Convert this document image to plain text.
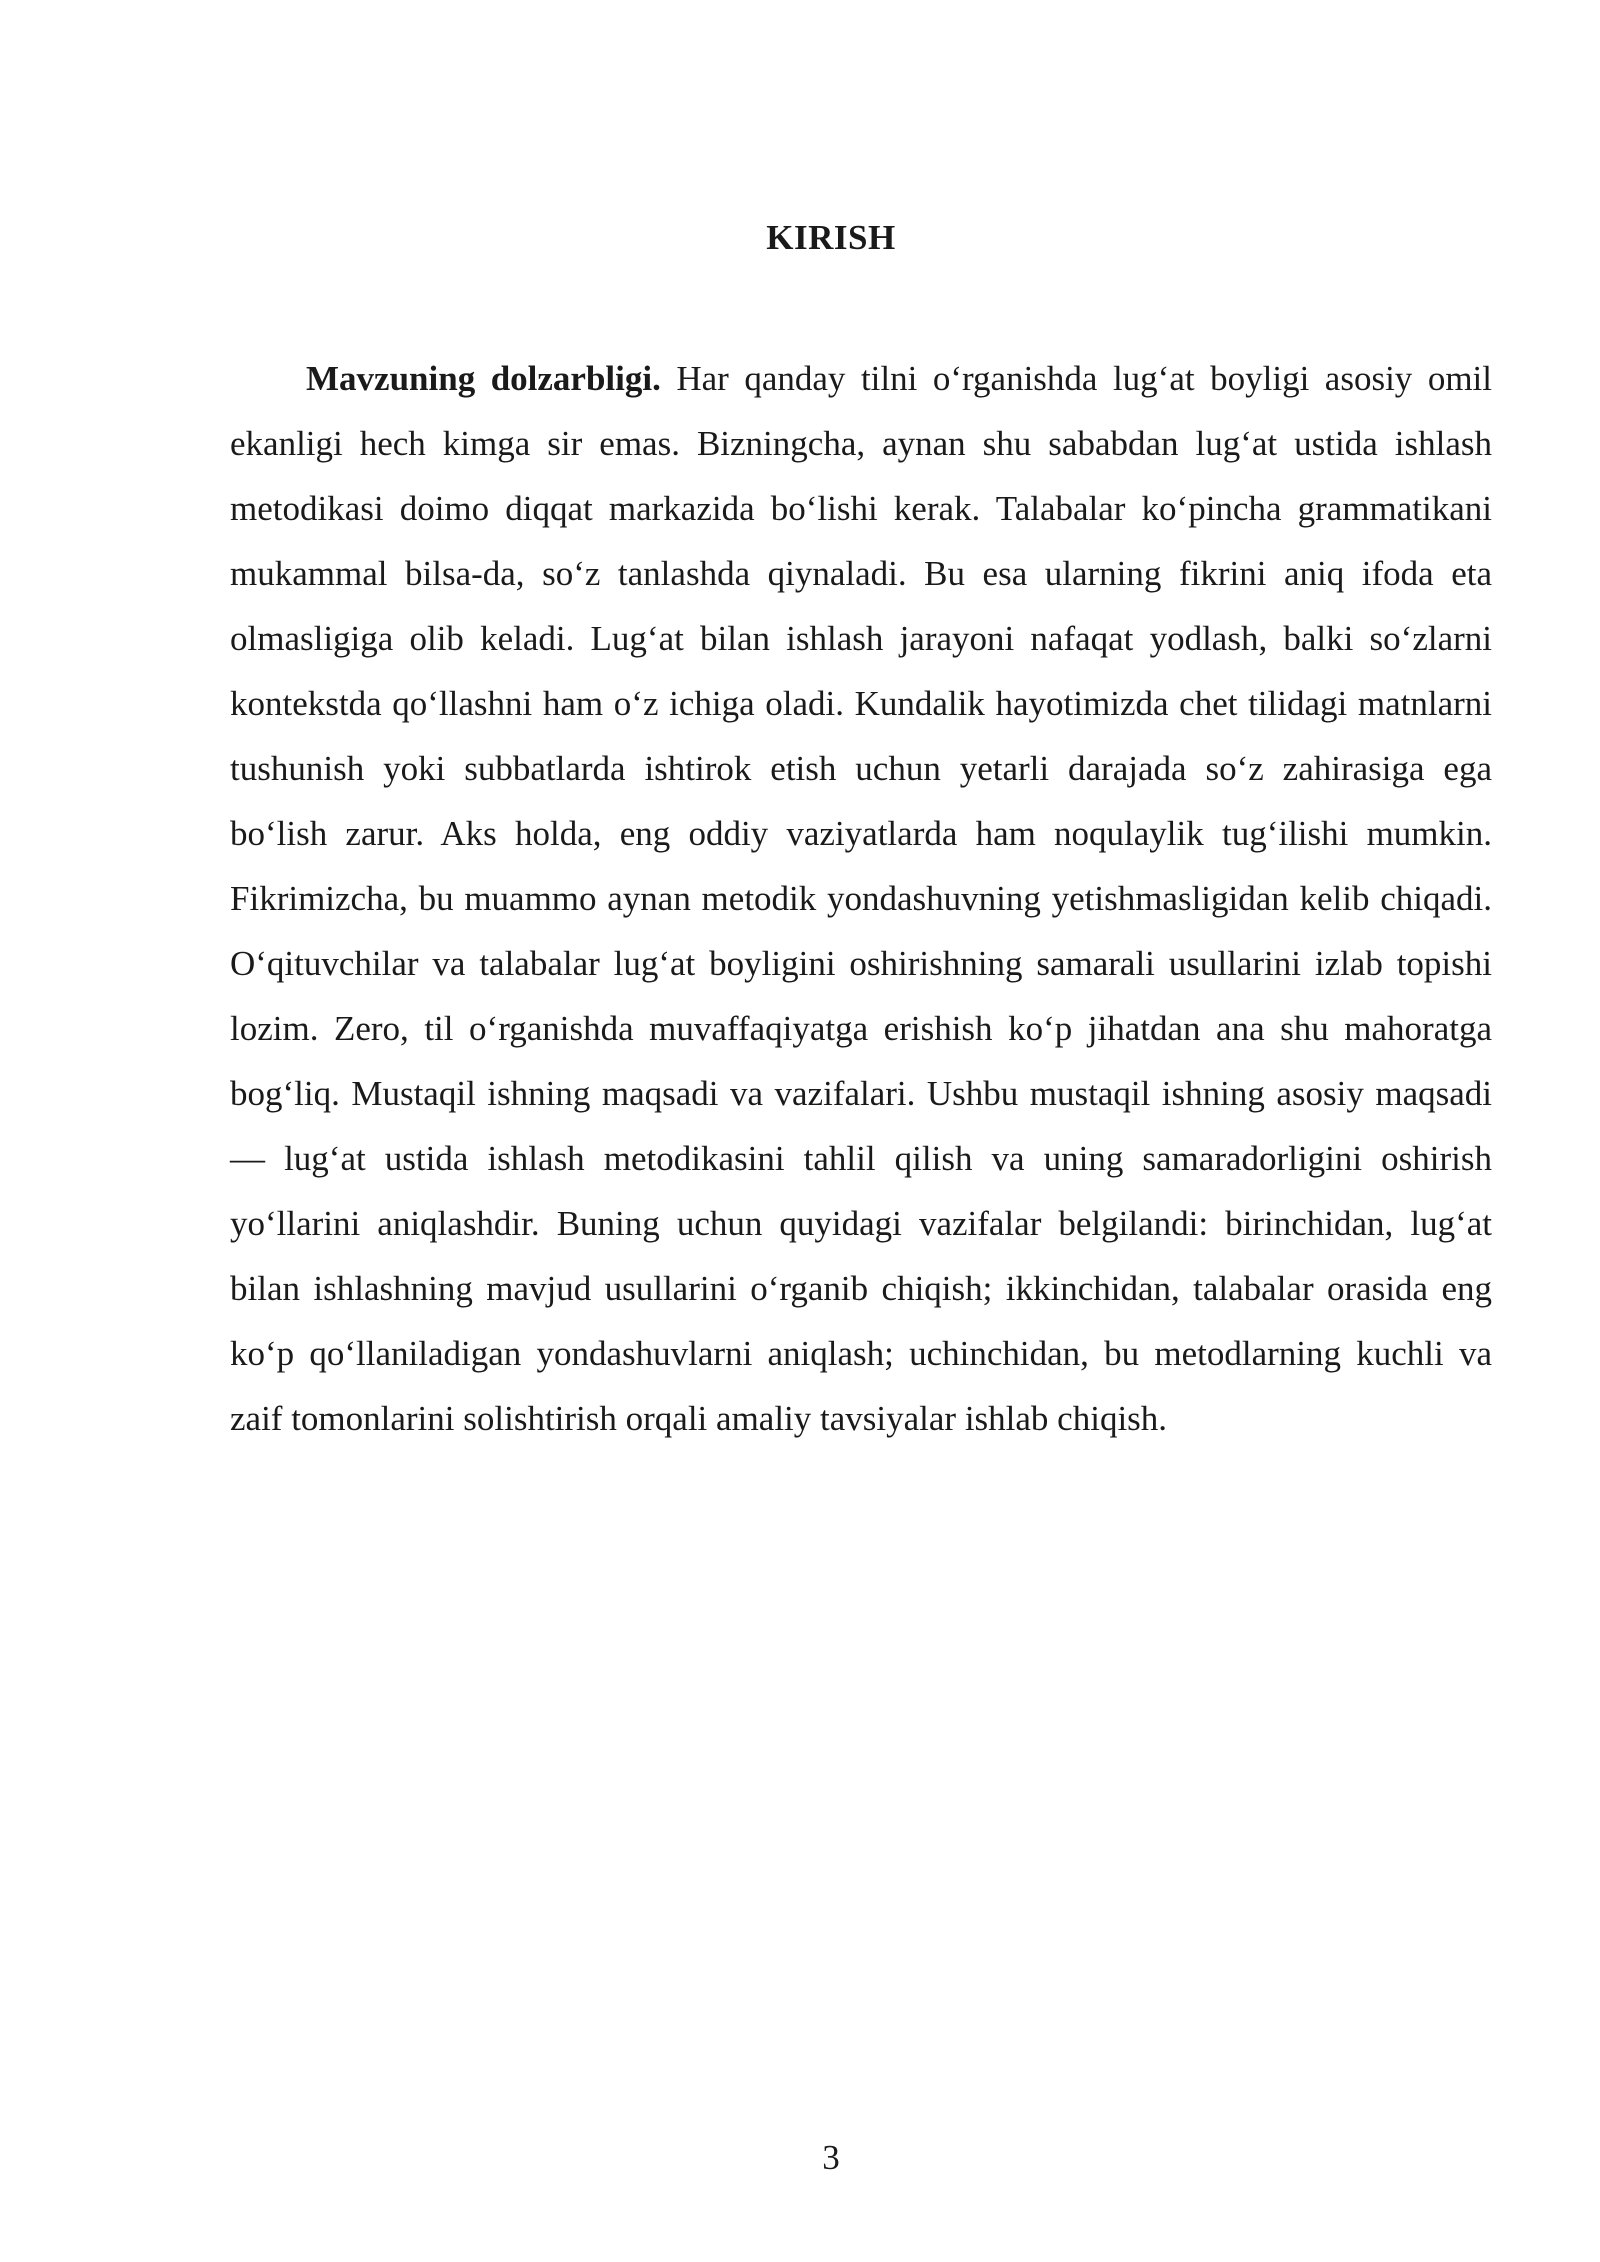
KIRISH

Mavzuning dolzarbligi. Har qanday tilni o‘rganishda lug‘at boyligi asosiy omil ekanligi hech kimga sir emas. Bizningcha, aynan shu sababdan lug‘at ustida ishlash metodikasi doimo diqqat markazida bo‘lishi kerak. Talabalar ko‘pincha grammatikani mukammal bilsa-da, so‘z tanlashda qiynaladi. Bu esa ularning fikrini aniq ifoda eta olmasligiga olib keladi. Lug‘at bilan ishlash jarayoni nafaqat yodlash, balki so‘zlarni kontekstda qo‘llashni ham o‘z ichiga oladi. Kundalik hayotimizda chet tilidagi matnlarni tushunish yoki subbatlarda ishtirok etish uchun yetarli darajada so‘z zahirasiga ega bo‘lish zarur. Aks holda, eng oddiy vaziyatlarda ham noqulaylik tug‘ilishi mumkin. Fikrimizcha, bu muammo aynan metodik yondashuvning yetishmasligidan kelib chiqadi. O‘qituvchilar va talabalar lug‘at boyligini oshirishning samarali usullarini izlab topishi lozim. Zero, til o‘rganishda muvaffaqiyatga erishish ko‘p jihatdan ana shu mahoratga bog‘liq. Mustaqil ishning maqsadi va vazifalari. Ushbu mustaqil ishning asosiy maqsadi — lug‘at ustida ishlash metodikasini tahlil qilish va uning samaradorligini oshirish yo‘llarini aniqlashdir. Buning uchun quyidagi vazifalar belgilandi: birinchidan, lug‘at bilan ishlashning mavjud usullarini o‘rganib chiqish; ikkinchidan, talabalar orasida eng ko‘p qo‘llaniladigan yondashuvlarni aniqlash; uchinchidan, bu metodlarning kuchli va zaif tomonlarini solishtirish orqali amaliy tavsiyalar ishlab chiqish.

3
